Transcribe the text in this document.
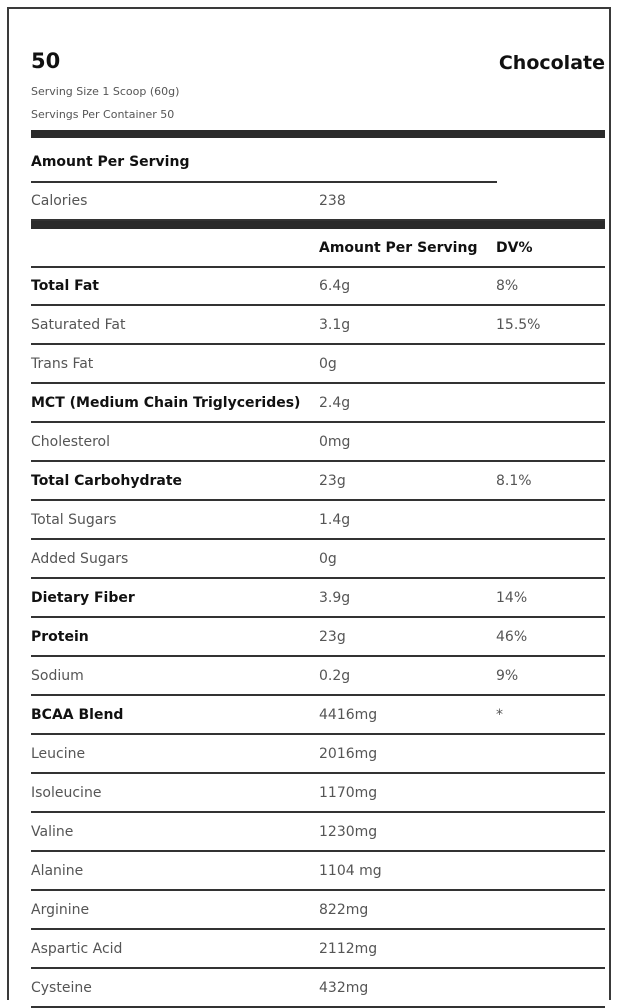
50	Chocolate
Serving Size 1 Scoop (60g)
Servings Per Container 50
Amount Per Serving
Calories	238
Amount Per Serving DV%
Total Fat	6.4g	8%
Saturated Fat	3.1g	15.5%
Trans Fat	0g
MCT (Medium Chain Triglycerides) 2.4g
Cholesterol	0mg
Total Carbohydrate	23g	8.1%
Total Sugars	1.4g
Added Sugars	0g
Dietary Fiber	3.9g	14%
Protein	23g	46%
Sodium	0.2g	9%
BCAA Blend	4416mg	*
Leucine	2016mg
Isoleucine	1170mg
Valine	1230mg
Alanine	1104 mg
Arginine	822mg
Aspartic Acid	2112mg
Cysteine	432mg
